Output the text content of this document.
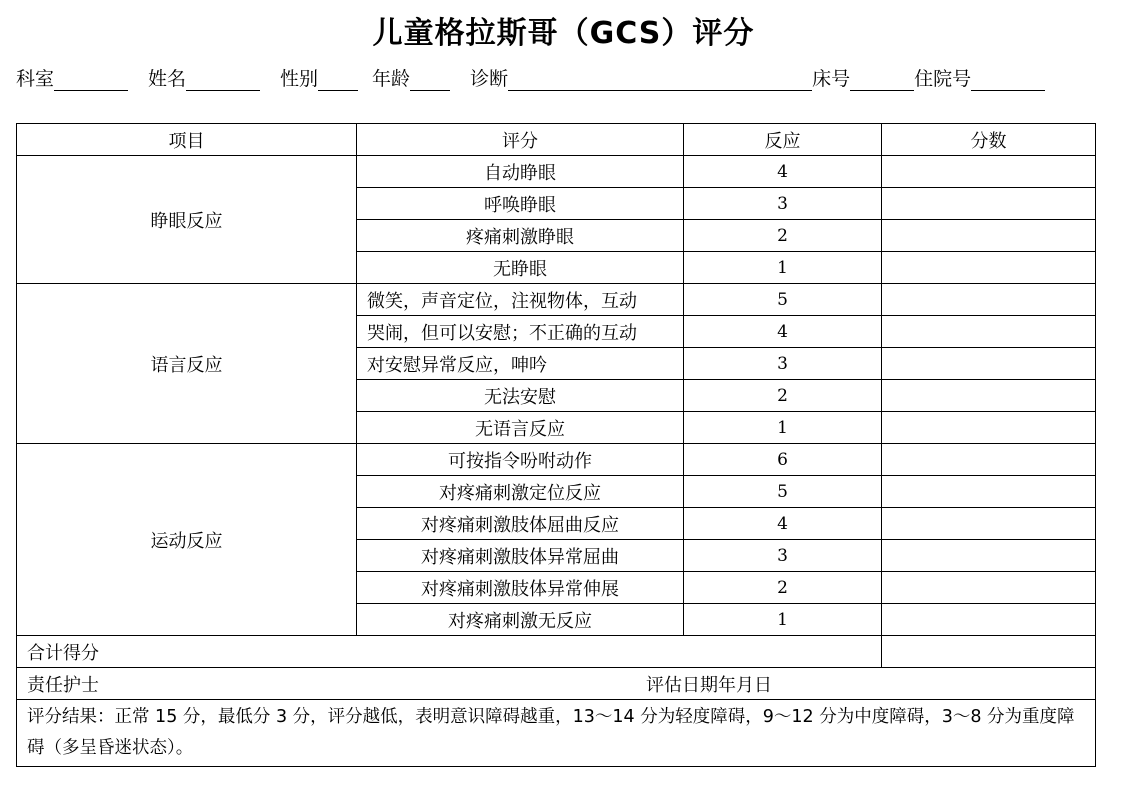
儿童格拉斯哥（GCS）评分
科室	姓名	性别	年龄	诊断	床号	住院号
项目	评分	反应	分数
睁眼反应	自动睁眼	4	
	呼唤睁眼	3	
	疼痛刺激睁眼	2	
	无睁眼	1	
语言反应	微笑，声音定位，注视物体，互动	5	
	哭闹，但可以安慰；不正确的互动	4	
	对安慰异常反应，呻吟	3	
	无法安慰	2	
	无语言反应	1	
运动反应	可按指令吩咐动作	6	
	对疼痛刺激定位反应	5	
	对疼痛刺激肢体屈曲反应	4	
	对疼痛刺激肢体异常屈曲	3	
	对疼痛刺激肢体异常伸展	2	
	对疼痛刺激无反应	1	
合计得分			

责任护士 评估日期年月日			

评分结果：正常 15 分，最低分 3 分，评分越低，表明意识障碍越重，13～14 分为轻度障碍，9～12 分为中度障碍，3～8 分为重度障碍（多呈昏迷状态）。			
